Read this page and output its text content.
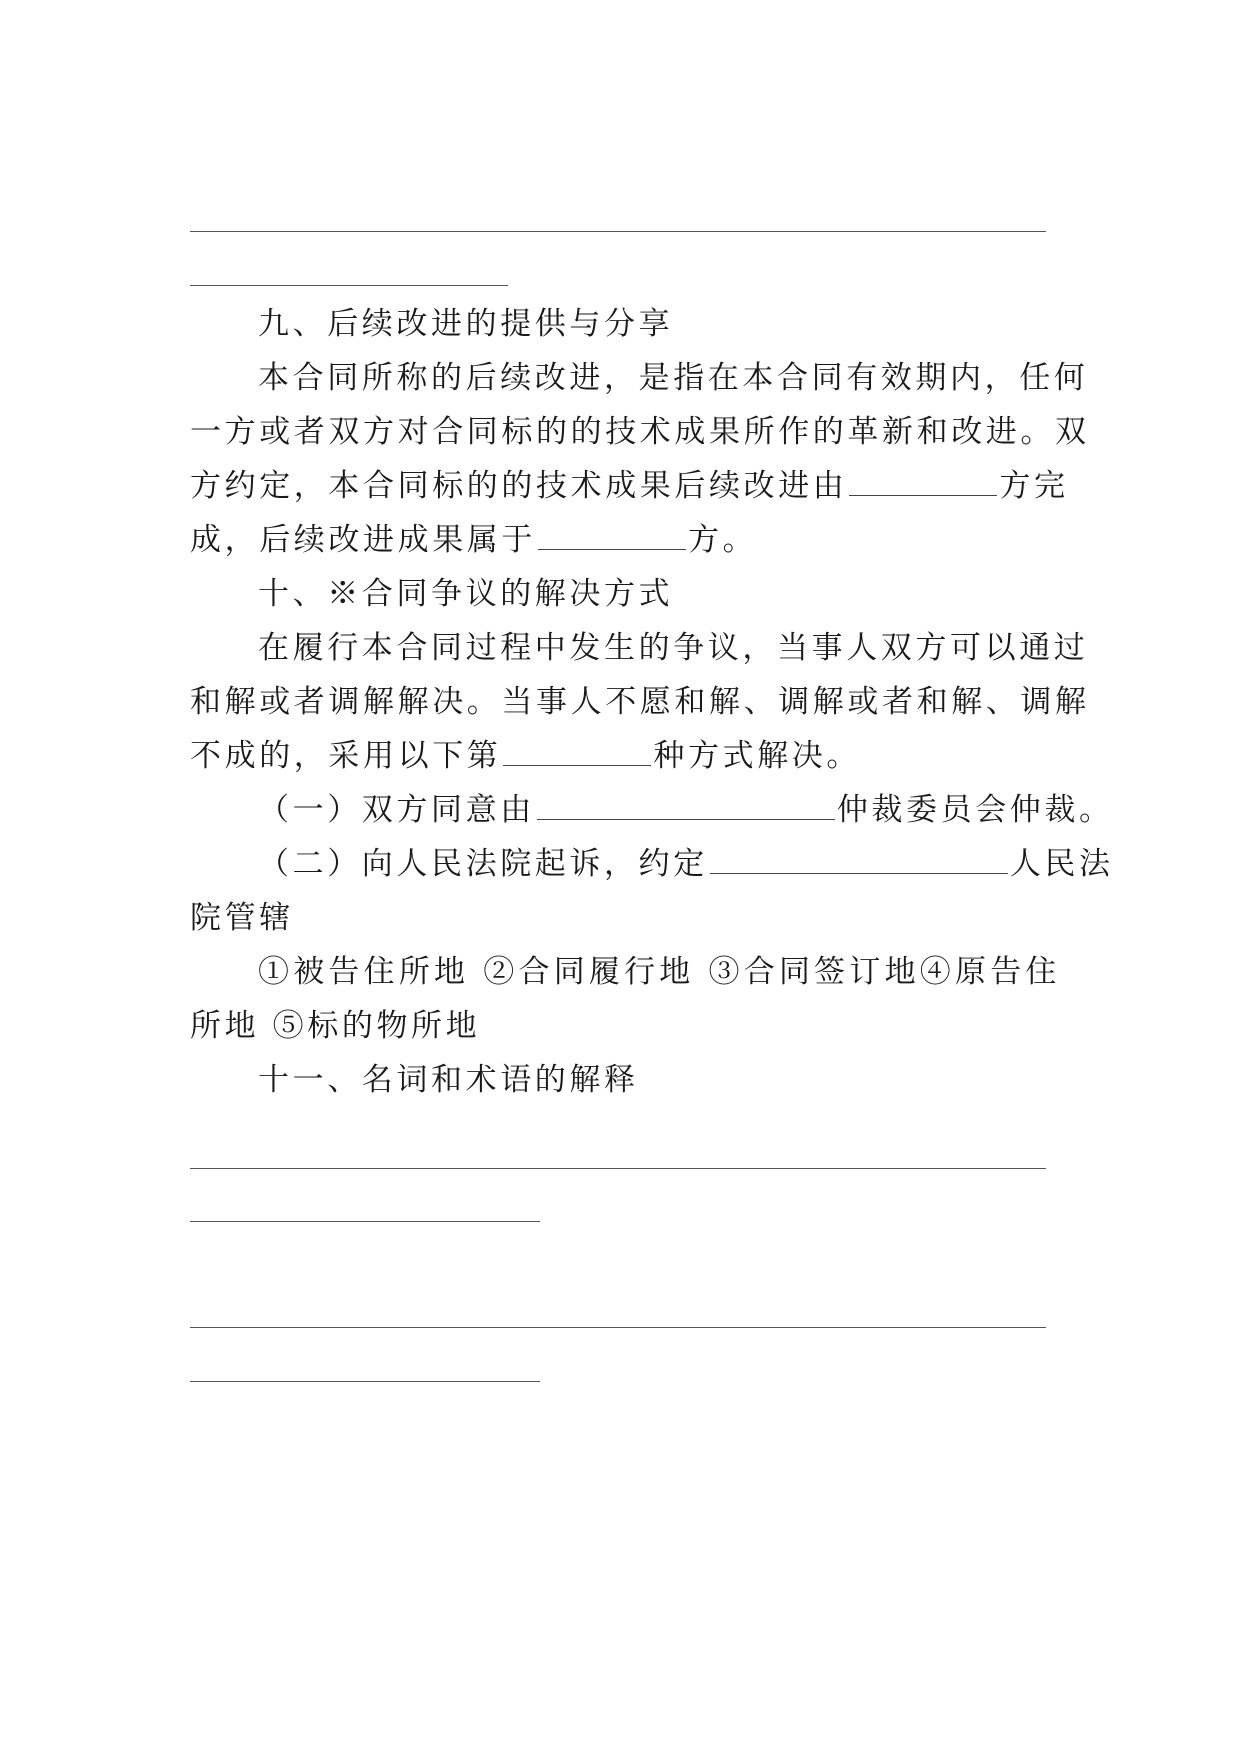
九、后续改进的提供与分享
本合同所称的后续改进，是指在本合同有效期内，任何
一方或者双方对合同标的的技术成果所作的革新和改进。双
方约定，本合同标的的技术成果后续改进由	方完
成，后续改进成果属于	方。
十、※合同争议的解决方式
在履行本合同过程中发生的争议，当事人双方可以通过
和解或者调解解决。当事人不愿和解、调解或者和解、调解
不成的，采用以下第	种方式解决。
（一）双方同意由	仲裁委员会仲裁。
（二）向人民法院起诉，约定	人民法
院管辖
①被告住所地 ②合同履行地 ③合同签订地④原告住
所地 ⑤标的物所地
十一、名词和术语的解释
